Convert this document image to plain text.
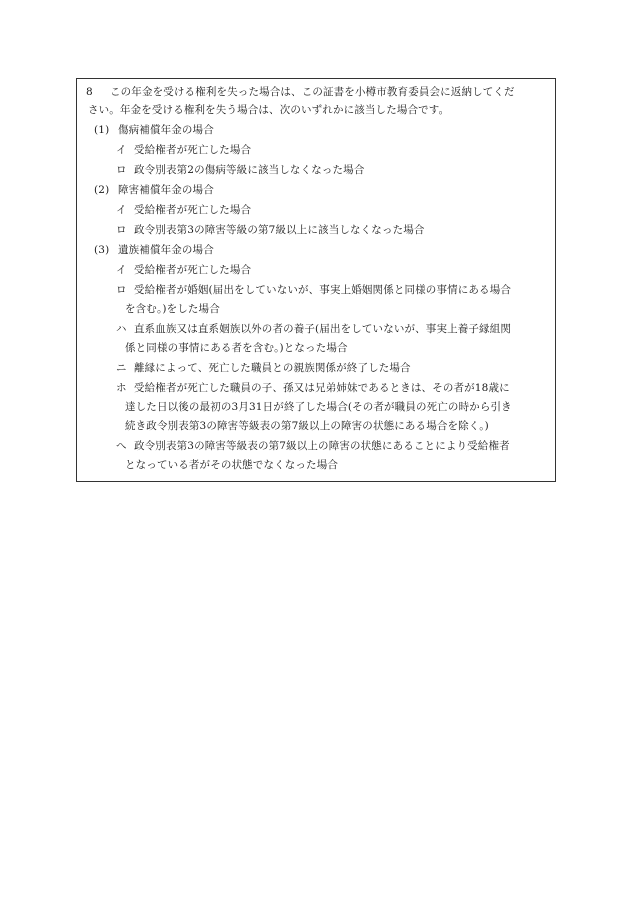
8 この年金を受ける権利を失った場合は、この証書を小樽市教育委員会に返納してくだ
さい。年金を受ける権利を失う場合は、次のいずれかに該当した場合です。
(1) 傷病補償年金の場合
イ 受給権者が死亡した場合
ロ 政令別表第2の傷病等級に該当しなくなった場合
(2) 障害補償年金の場合
イ 受給権者が死亡した場合
ロ 政令別表第3の障害等級の第7級以上に該当しなくなった場合
(3) 遺族補償年金の場合
イ 受給権者が死亡した場合
ロ 受給権者が婚姻(届出をしていないが、事実上婚姻関係と同様の事情にある場合
を含む。)をした場合
ハ 直系血族又は直系姻族以外の者の養子(届出をしていないが、事実上養子縁組関
係と同様の事情にある者を含む。)となった場合
ニ 離縁によって、死亡した職員との親族関係が終了した場合
ホ 受給権者が死亡した職員の子、孫又は兄弟姉妹であるときは、その者が18歳に
達した日以後の最初の3月31日が終了した場合(その者が職員の死亡の時から引き
続き政令別表第3の障害等級表の第7級以上の障害の状態にある場合を除く。)
へ 政令別表第3の障害等級表の第7級以上の障害の状態にあることにより受給権者
となっている者がその状態でなくなった場合
